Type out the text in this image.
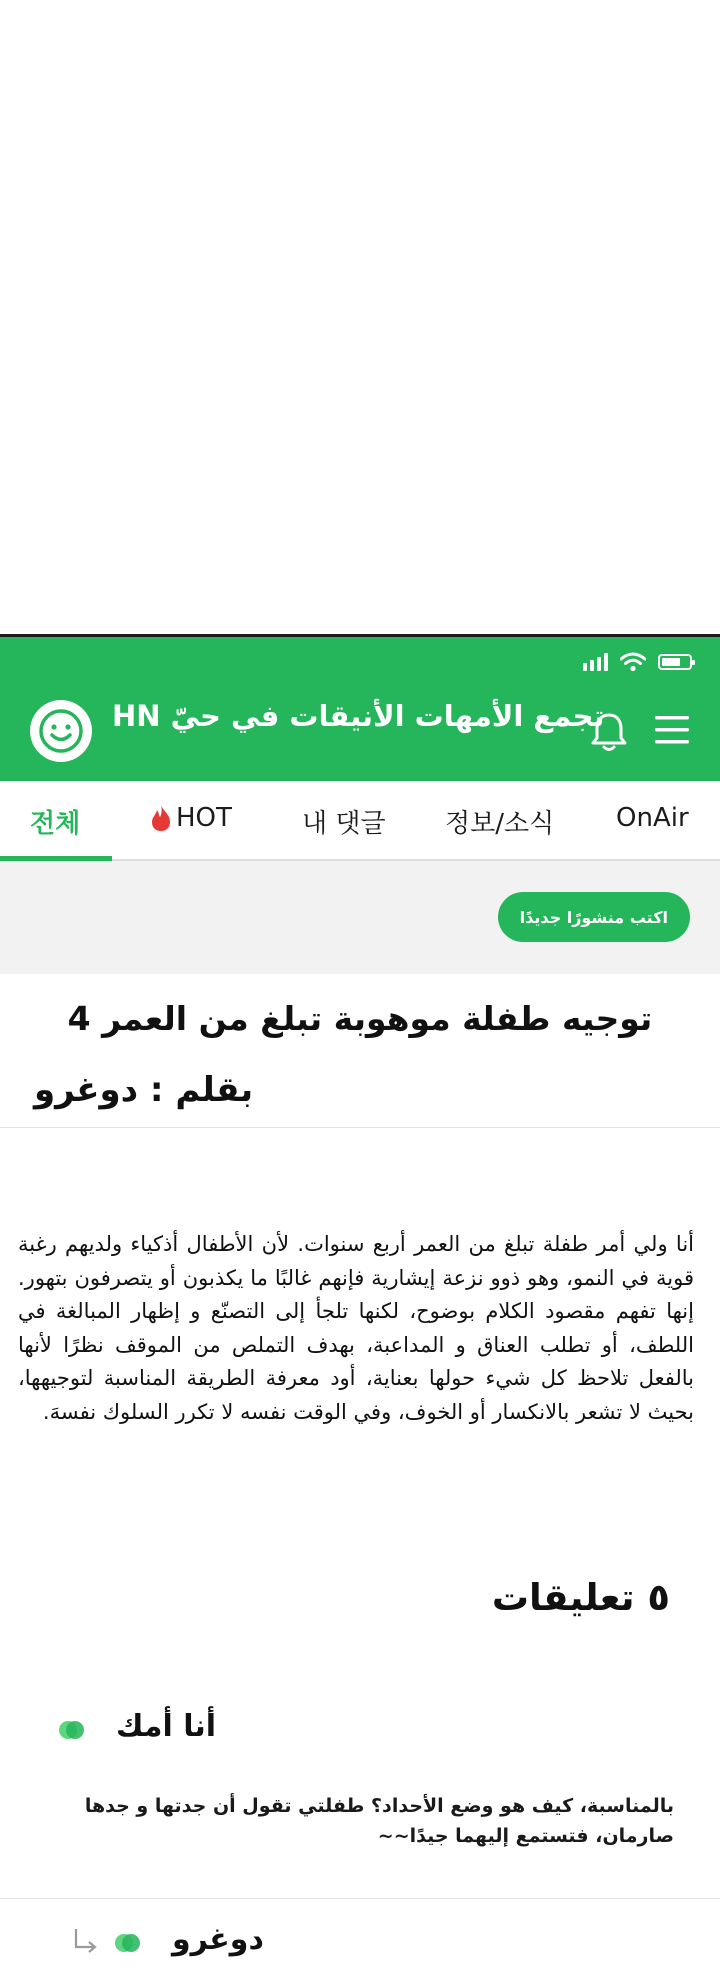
HN تجمع الأمهات الأنيقات في حيّ
전체	HOT	내 댓글 정보/소식 OnAir
اكتب منشورًا جديدًا
توجيه طفلة موهوبة تبلغ من العمر 4
بقلم : دوغرو
أنا ولي أمر طفلة تبلغ من العمر أربع سنوات. لأن الأطفال أذكياء ولديهم رغبة قوية في النمو، وهو ذوو نزعة إيشارية فإنهم غالبًا ما يكذبون أو يتصرفون بتهور. إنها تفهم مقصود الكلام بوضوح، لكنها تلجأ إلى التصنّع و إظهار المبالغة في اللطف، أو تطلب العناق و المداعبة، بهدف التملص من الموقف نظرًا لأنها بالفعل تلاحظ كل شيء حولها بعناية، أود معرفة الطريقة المناسبة لتوجيهها، بحيث لا تشعر بالانكسار أو الخوف، وفي الوقت نفسه لا تكرر السلوك نفسهَ.
٥ تعليقات
أنا أمك
بالمناسبة، كيف هو وضع الأحداد؟ طفلتي تقول أن جدتها و جدها صارمان، فتستمع إليهما جيدًا~~
دوغرو
